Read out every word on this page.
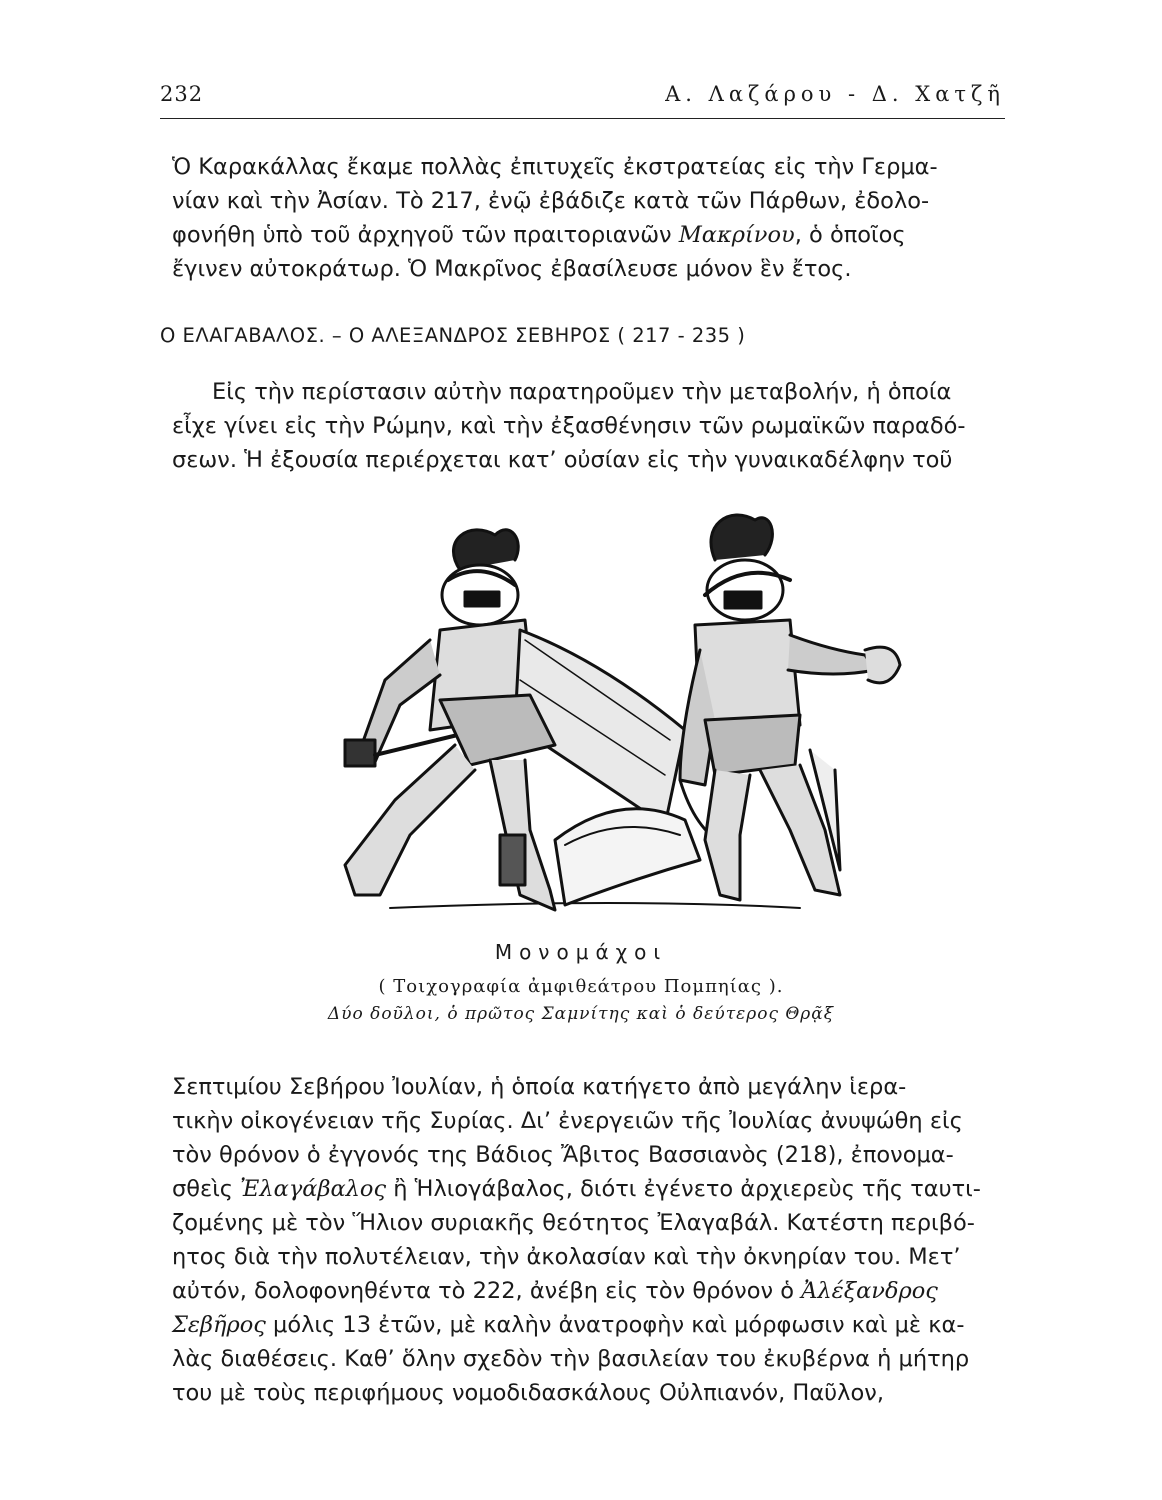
232	Α. Λαζάρου - Δ. Χατζῆ

Ὁ Καρακάλλας ἔκαμε πολλὰς ἐπιτυχεῖς ἐκστρατείας εἰς τὴν Γερμα-
νίαν καὶ τὴν Ἀσίαν. Τὸ 217, ἐνῷ ἐβάδιζε κατὰ τῶν Πάρθων, ἐδολο-
φονήθη ὑπὸ τοῦ ἀρχηγοῦ τῶν πραιτοριανῶν Μακρίνου, ὁ ὁποῖος
ἔγινεν αὐτοκράτωρ. Ὁ Μακρῖνος ἐβασίλευσε μόνον ἓν ἔτος.

Ο ΕΛΑΓΑΒΑΛΟΣ. – Ο ΑΛΕΞΑΝΔΡΟΣ ΣΕΒΗΡΟΣ ( 217 - 235 )

Εἰς τὴν περίστασιν αὐτὴν παρατηροῦμεν τὴν μεταβολήν, ἡ ὁποία
εἶχε γίνει εἰς τὴν Ρώμην, καὶ τὴν ἐξασθένησιν τῶν ρωμαϊκῶν παραδό-
σεων. Ἡ ἐξουσία περιέρχεται κατ’ οὐσίαν εἰς τὴν γυναικαδέλφην τοῦ

Μονομάχοι
( Τοιχογραφία ἀμφιθεάτρου Πομπηίας ).
Δύο δοῦλοι, ὁ πρῶτος Σαμνίτης καὶ ὁ δεύτερος Θρᾷξ

Σεπτιμίου Σεβήρου Ἰουλίαν, ἡ ὁποία κατήγετο ἀπὸ μεγάλην ἱερα-
τικὴν οἰκογένειαν τῆς Συρίας. Δι’ ἐνεργειῶν τῆς Ἰουλίας ἀνυψώθη εἰς
τὸν θρόνον ὁ ἐγγονός της Βάδιος Ἄβιτος Βασσιανὸς (218), ἐπονομα-
σθεὶς Ἐλαγάβαλος ἢ Ἡλιογάβαλος, διότι ἐγένετο ἀρχιερεὺς τῆς ταυτι-
ζομένης μὲ τὸν Ἥλιον συριακῆς θεότητος Ἐλαγαβάλ. Κατέστη περιβό-
ητος διὰ τὴν πολυτέλειαν, τὴν ἀκολασίαν καὶ τὴν ὀκνηρίαν του. Μετ’
αὐτόν, δολοφονηθέντα τὸ 222, ἀνέβη εἰς τὸν θρόνον ὁ Ἀλέξανδρος
Σεβῆρος μόλις 13 ἐτῶν, μὲ καλὴν ἀνατροφὴν καὶ μόρφωσιν καὶ μὲ κα-
λὰς διαθέσεις. Καθ’ ὅλην σχεδὸν τὴν βασιλείαν του ἐκυβέρνα ἡ μήτηρ
του μὲ τοὺς περιφήμους νομοδιδασκάλους Οὐλπιανόν, Παῦλον,
